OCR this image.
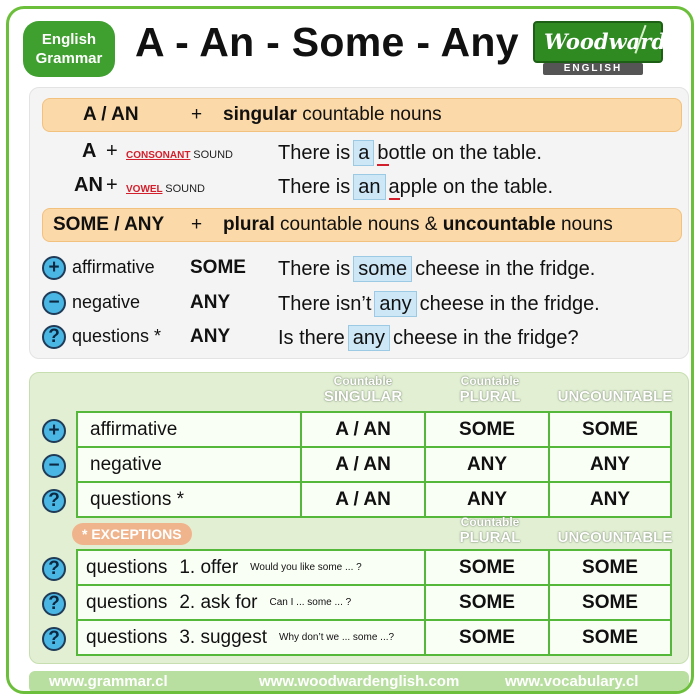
English
Grammar A - An - Some - Any	Woodward
ENGLISH
A / AN	+ singular countable nouns
A + CONSONANT SOUND There is a bottle on the table.
AN + VOWEL SOUND	There is an apple on the table.
SOME / ANY + plural countable nouns & uncountable nouns
+ affirmative SOME There is some cheese in the fridge.
− negative	ANY There isn’t any cheese in the fridge.
? questions * ANY Is there any cheese in the fridge?
Countable
SINGULAR
Countable
PLURAL	UNCOUNTABLE
+
−
?
affirmative	A / AN	SOME	SOME
negative	A / AN	ANY	ANY
questions *	A / AN	ANY	ANY
* EXCEPTIONS
Countable
PLURAL	UNCOUNTABLE
?
?
?
questions 1. offer Would you like some ... ?	SOME	SOME
questions 2. ask for Can I ... some ... ?	SOME	SOME
questions 3. suggest Why don’t we ... some ...?	SOME	SOME
www.grammar.cl	www.woodwardenglish.com	www.vocabulary.cl
